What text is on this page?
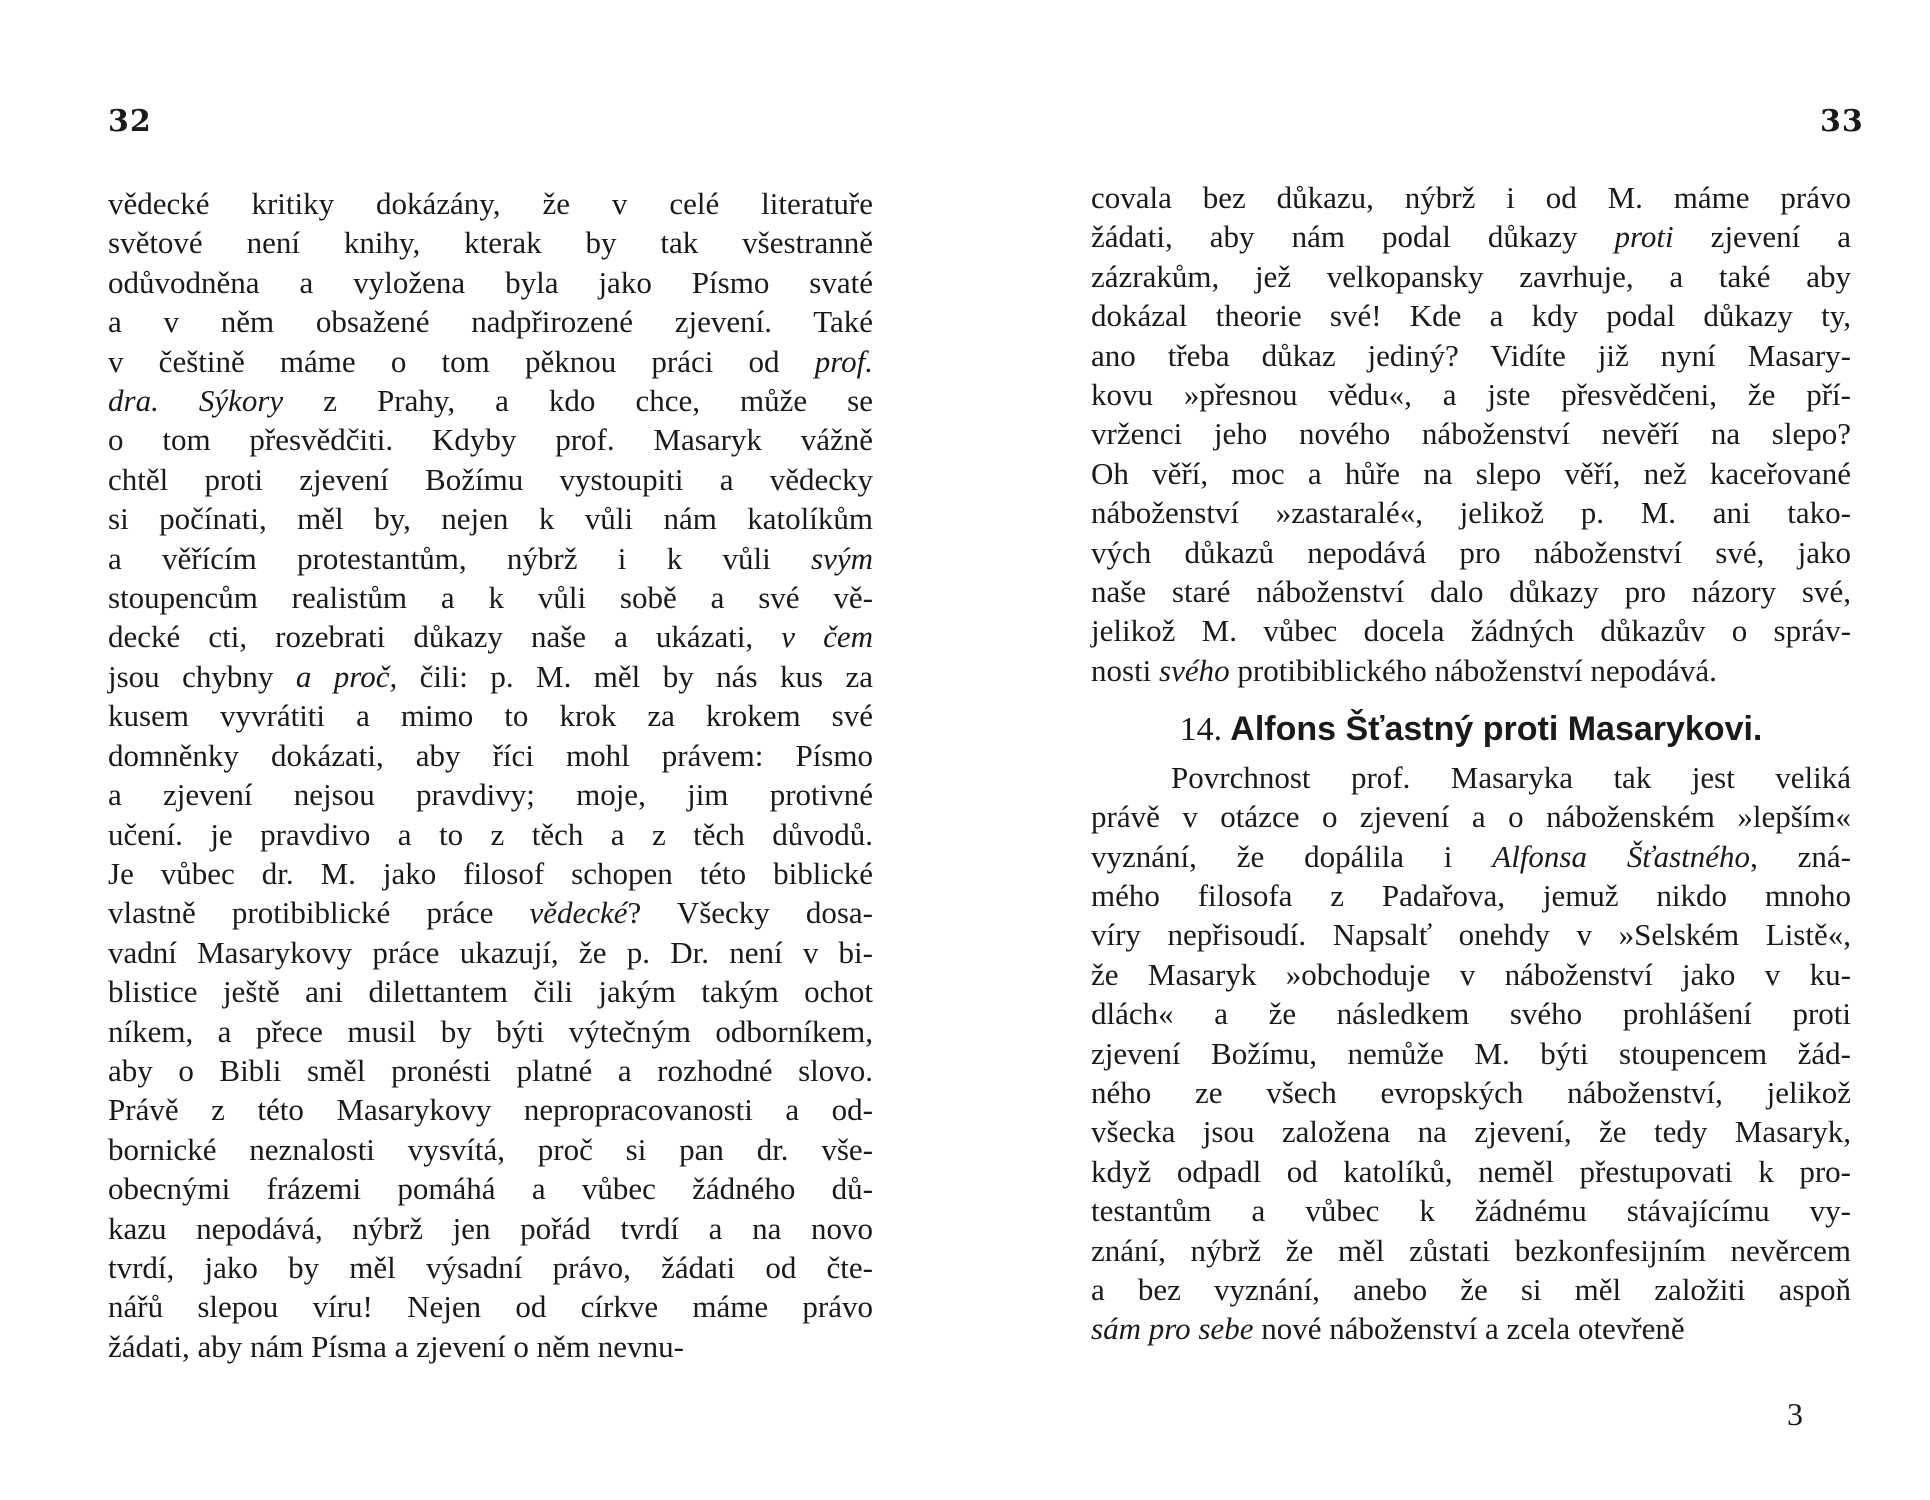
32
vědecké kritiky dokázány, že v celé literatuře
světové není knihy, kterak by tak všestranně
odůvodněna a vyložena byla jako Písmo svaté
a v něm obsažené nadpřirozené zjevení. Také
v češtině máme o tom pěknou práci od prof.
dra. Sýkory z Prahy, a kdo chce, může se
o tom přesvědčiti. Kdyby prof. Masaryk vážně
chtěl proti zjevení Božímu vystoupiti a vědecky
si počínati, měl by, nejen k vůli nám katolíkům
a věřícím protestantům, nýbrž i k vůli svým
stoupencům realistům a k vůli sobě a své vě-
decké cti, rozebrati důkazy naše a ukázati, v čem
jsou chybny a proč, čili: p. M. měl by nás kus za
kusem vyvrátiti a mimo to krok za krokem své
domněnky dokázati, aby říci mohl právem: Písmo
a zjevení nejsou pravdivy; moje, jim protivné
učení. je pravdivo a to z těch a z těch důvodů.
Je vůbec dr. M. jako filosof schopen této biblické
vlastně protibiblické práce vědecké? Všecky dosa-
vadní Masarykovy práce ukazují, že p. Dr. není v bi-
blistice ještě ani dilettantem čili jakým takým ochot
níkem, a přece musil by býti výtečným odborníkem,
aby o Bibli směl pronésti platné a rozhodné slovo.
Právě z této Masarykovy nepropracovanosti a od-
bornické neznalosti vysvítá, proč si pan dr. vše-
obecnými frázemi pomáhá a vůbec žádného dů-
kazu nepodává, nýbrž jen pořád tvrdí a na novo
tvrdí, jako by měl výsadní právo, žádati od čte-
nářů slepou víru! Nejen od církve máme právo
žádati, aby nám Písma a zjevení o něm nevnu-
33
covala bez důkazu, nýbrž i od M. máme právo
žádati, aby nám podal důkazy proti zjevení a
zázrakům, jež velkopansky zavrhuje, a také aby
dokázal theorie své! Kde a kdy podal důkazy ty,
ano třeba důkaz jediný? Vidíte již nyní Masary-
kovu »přesnou vědu«, a jste přesvědčeni, že pří-
vrženci jeho nového náboženství nevěří na slepo?
Oh věří, moc a hůře na slepo věří, než kaceřované
náboženství »zastaralé«, jelikož p. M. ani tako-
vých důkazů nepodává pro náboženství své, jako
naše staré náboženství dalo důkazy pro názory své,
jelikož M. vůbec docela žádných důkazův o správ-
nosti svého protibiblického náboženství nepodává.
14. Alfons Šťastný proti Masarykovi.
Povrchnost prof. Masaryka tak jest veliká
právě v otázce o zjevení a o náboženském »lepším«
vyznání, že dopálila i Alfonsa Šťastného, zná-
mého filosofa z Padařova, jemuž nikdo mnoho
víry nepřisoudí. Napsalť onehdy v »Selském Listě«,
že Masaryk »obchoduje v náboženství jako v ku-
dlách« a že následkem svého prohlášení proti
zjevení Božímu, nemůže M. býti stoupencem žád-
ného ze všech evropských náboženství, jelikož
všecka jsou založena na zjevení, že tedy Masaryk,
když odpadl od katolíků, neměl přestupovati k pro-
testantům a vůbec k žádnému stávajícímu vy-
znání, nýbrž že měl zůstati bezkonfesijním nevěrcem
a bez vyznání, anebo že si měl založiti aspoň
sám pro sebe nové náboženství a zcela otevřeně
3
